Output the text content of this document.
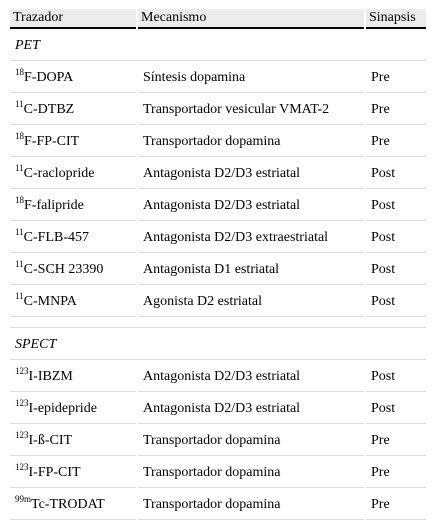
Trazador	Mecanismo	Sinapsis
PET		
$^{18}$F-DOPA	Síntesis dopamina	Pre
$^{11}$C-DTBZ	Transportador vesicular VMAT-2	Pre
$^{18}$F-FP-CIT	Transportador dopamina	Pre
$^{11}$C-raclopride	Antagonista D2/D3 estriatal	Post
$^{18}$F-falipride	Antagonista D2/D3 estriatal	Post
$^{11}$C-FLB-457	Antagonista D2/D3 extraestriatal	Post
$^{11}$C-SCH 23390	Antagonista D1 estriatal	Post
$^{11}$C-MNPA	Agonista D2 estriatal	Post

SPECT		
$^{123}$I-IBZM	Antagonista D2/D3 estriatal	Post
$^{123}$I-epidepride	Antagonista D2/D3 estriatal	Post
$^{123}$I-ß-CIT	Transportador dopamina	Pre
$^{123}$I-FP-CIT	Transportador dopamina	Pre
$^{99m}$Tc-TRODAT	Transportador dopamina	Pre
